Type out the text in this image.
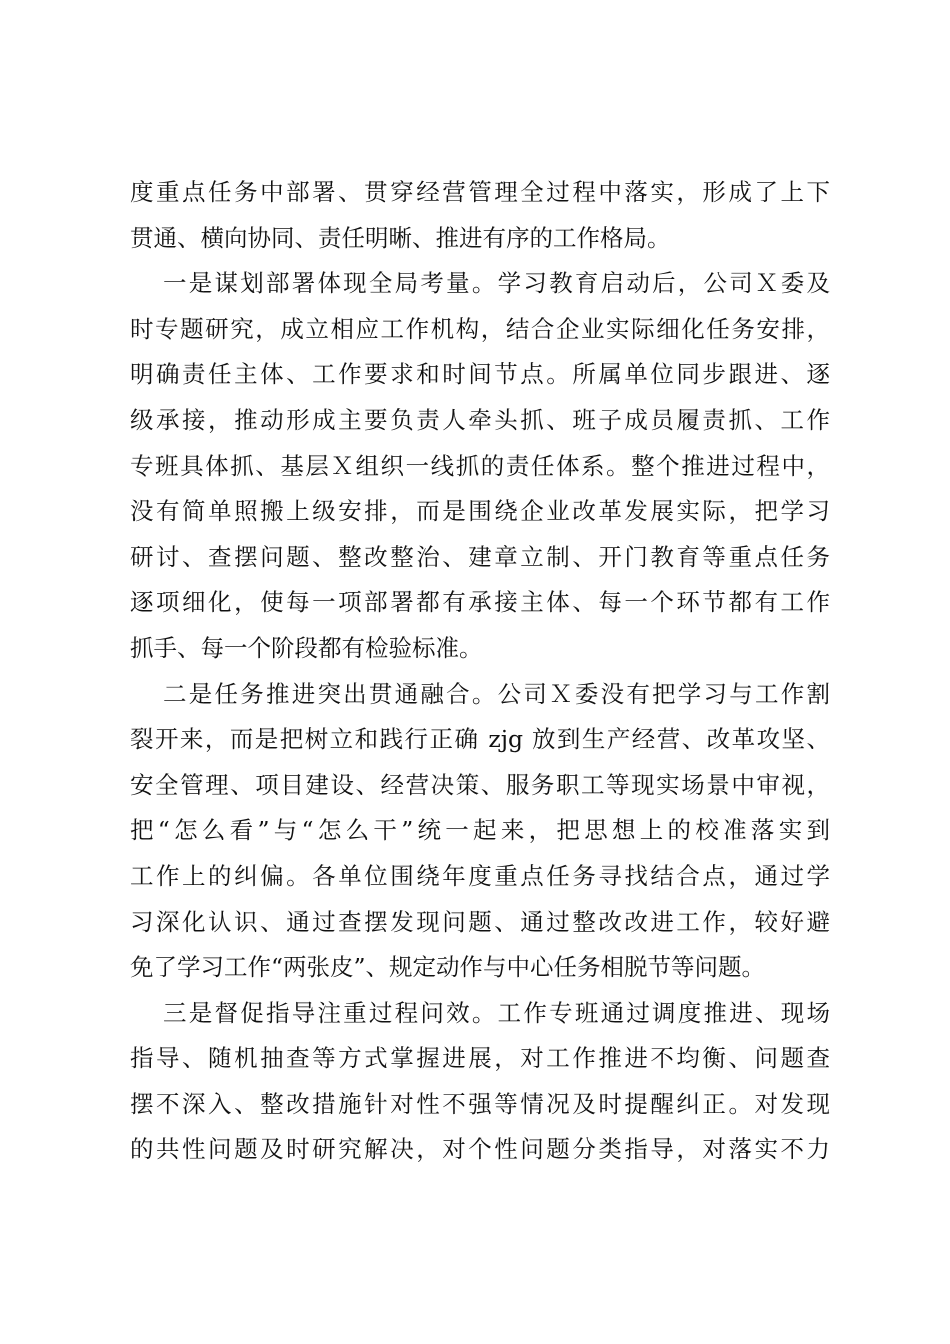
度重点任务中部署、贯穿经营管理全过程中落实，形成了上下
贯通、横向协同、责任明晰、推进有序的工作格局。
一是谋划部署体现全局考量。学习教育启动后，公司Ｘ委及
时专题研究，成立相应工作机构，结合企业实际细化任务安排，
明确责任主体、工作要求和时间节点。所属单位同步跟进、逐
级承接，推动形成主要负责人牵头抓、班子成员履责抓、工作
专班具体抓、基层Ｘ组织一线抓的责任体系。整个推进过程中，
没有简单照搬上级安排，而是围绕企业改革发展实际，把学习
研讨、查摆问题、整改整治、建章立制、开门教育等重点任务
逐项细化，使每一项部署都有承接主体、每一个环节都有工作
抓手、每一个阶段都有检验标准。
二是任务推进突出贯通融合。公司Ｘ委没有把学习与工作割
裂开来，而是把树立和践行正确 zjg 放到生产经营、改革攻坚、
安全管理、项目建设、经营决策、服务职工等现实场景中审视，
把“怎么看”与“怎么干”统一起来，把思想上的校准落实到
工作上的纠偏。各单位围绕年度重点任务寻找结合点，通过学
习深化认识、通过查摆发现问题、通过整改改进工作，较好避
免了学习工作“两张皮”、规定动作与中心任务相脱节等问题。
三是督促指导注重过程问效。工作专班通过调度推进、现场
指导、随机抽查等方式掌握进展，对工作推进不均衡、问题查
摆不深入、整改措施针对性不强等情况及时提醒纠正。对发现
的共性问题及时研究解决，对个性问题分类指导，对落实不力
